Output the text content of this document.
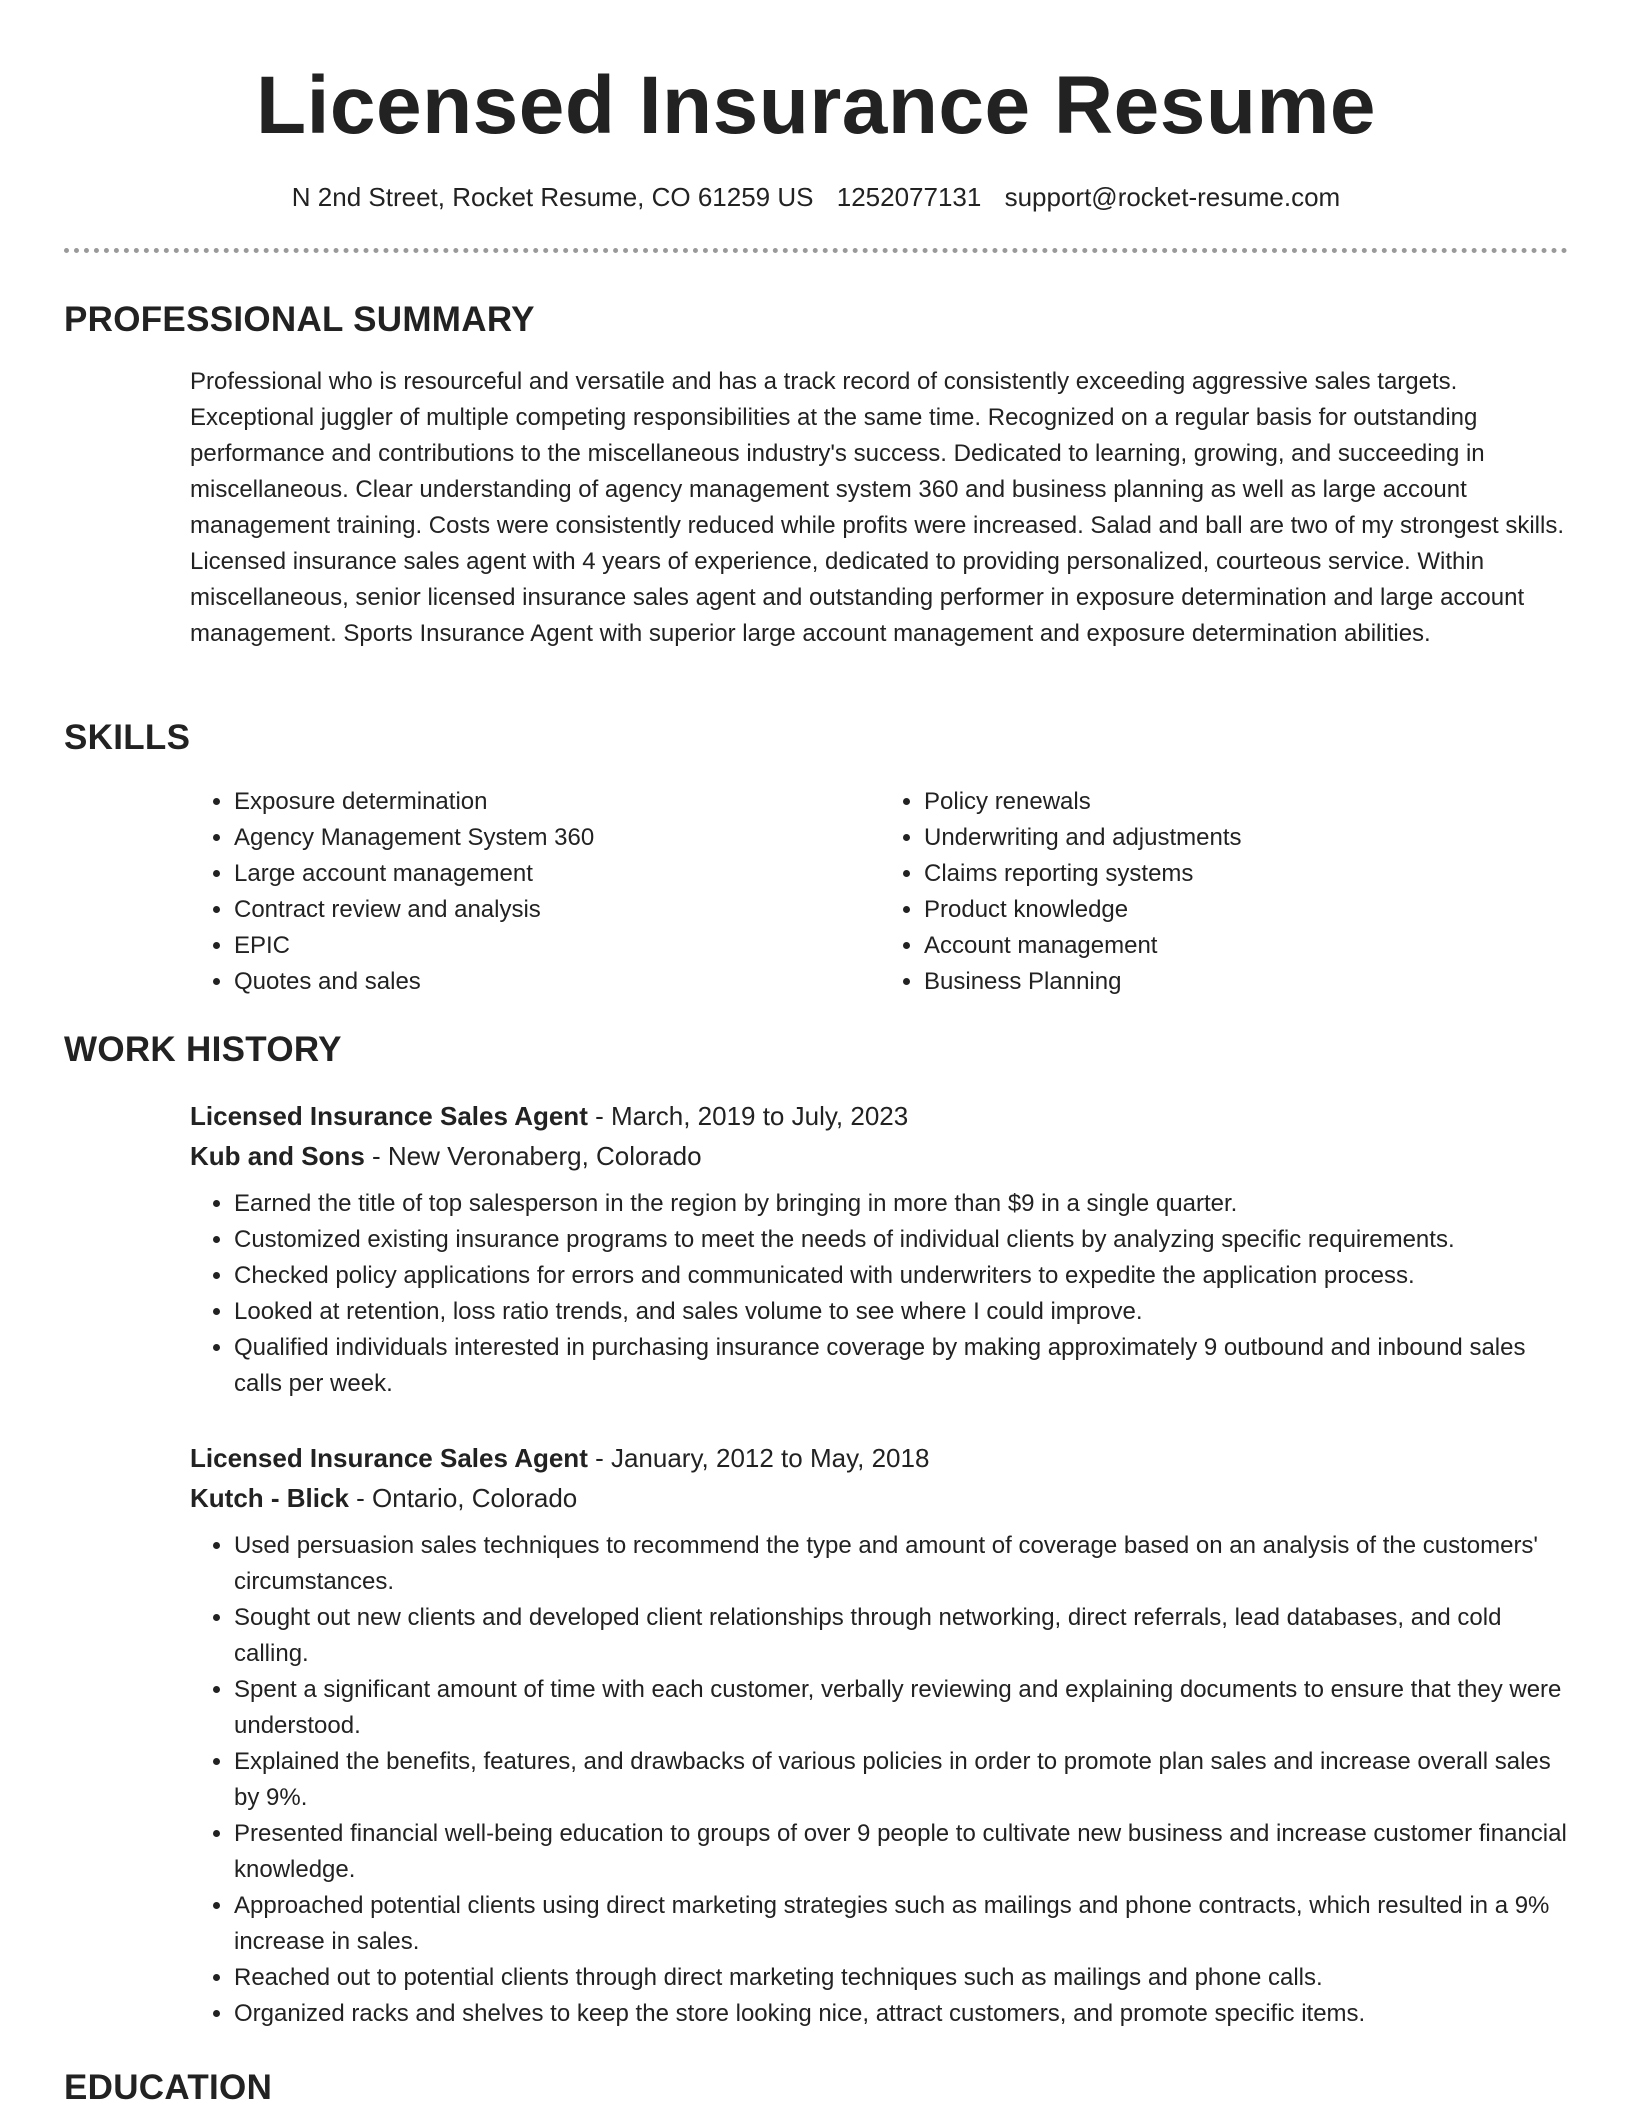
Licensed Insurance Resume
N 2nd Street, Rocket Resume, CO 61259 US 1252077131 support@rocket-resume.com
PROFESSIONAL SUMMARY
Professional who is resourceful and versatile and has a track record of consistently exceeding aggressive sales targets. Exceptional juggler of multiple competing responsibilities at the same time. Recognized on a regular basis for outstanding performance and contributions to the miscellaneous industry's success. Dedicated to learning, growing, and succeeding in miscellaneous. Clear understanding of agency management system 360 and business planning as well as large account management training. Costs were consistently reduced while profits were increased. Salad and ball are two of my strongest skills. Licensed insurance sales agent with 4 years of experience, dedicated to providing personalized, courteous service. Within miscellaneous, senior licensed insurance sales agent and outstanding performer in exposure determination and large account management. Sports Insurance Agent with superior large account management and exposure determination abilities.
SKILLS
• Exposure determination
• Agency Management System 360
• Large account management
• Contract review and analysis
• EPIC
• Quotes and sales
• Policy renewals
• Underwriting and adjustments
• Claims reporting systems
• Product knowledge
• Account management
• Business Planning
WORK HISTORY
Licensed Insurance Sales Agent - March, 2019 to July, 2023
Kub and Sons - New Veronaberg, Colorado
• Earned the title of top salesperson in the region by bringing in more than $9 in a single quarter.
• Customized existing insurance programs to meet the needs of individual clients by analyzing specific requirements.
• Checked policy applications for errors and communicated with underwriters to expedite the application process.
• Looked at retention, loss ratio trends, and sales volume to see where I could improve.
• Qualified individuals interested in purchasing insurance coverage by making approximately 9 outbound and inbound sales calls per week.
Licensed Insurance Sales Agent - January, 2012 to May, 2018
Kutch - Blick - Ontario, Colorado
• Used persuasion sales techniques to recommend the type and amount of coverage based on an analysis of the customers' circumstances.
• Sought out new clients and developed client relationships through networking, direct referrals, lead databases, and cold calling.
• Spent a significant amount of time with each customer, verbally reviewing and explaining documents to ensure that they were understood.
• Explained the benefits, features, and drawbacks of various policies in order to promote plan sales and increase overall sales by 9%.
• Presented financial well-being education to groups of over 9 people to cultivate new business and increase customer financial knowledge.
• Approached potential clients using direct marketing strategies such as mailings and phone contracts, which resulted in a 9% increase in sales.
• Reached out to potential clients through direct marketing techniques such as mailings and phone calls.
• Organized racks and shelves to keep the store looking nice, attract customers, and promote specific items.
EDUCATION
